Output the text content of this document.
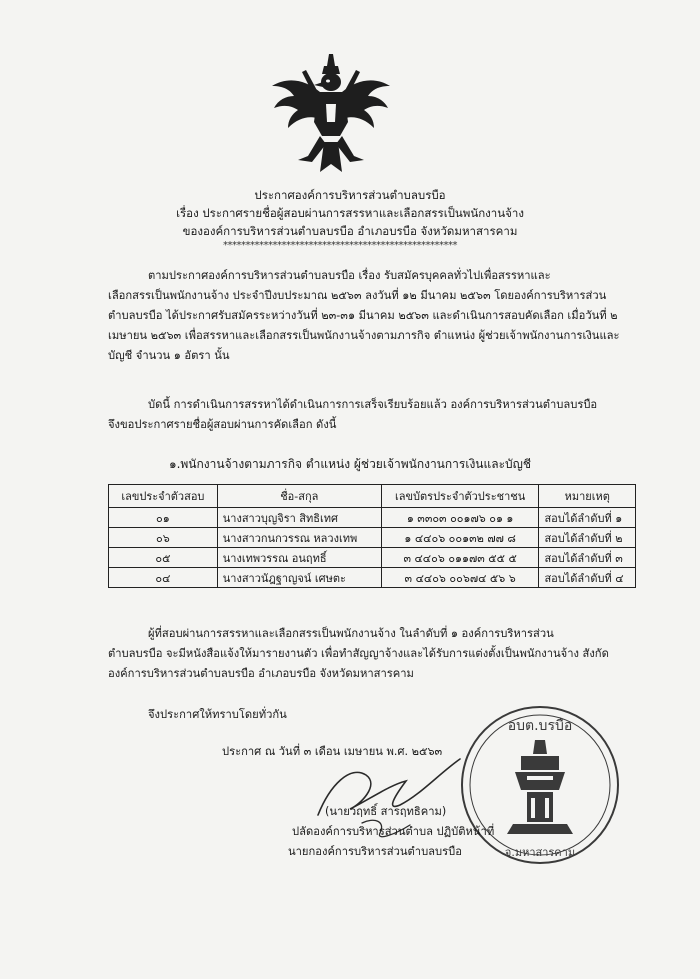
ประกาศองค์การบริหารส่วนตำบลบรบือ
เรื่อง ประกาศรายชื่อผู้สอบผ่านการสรรหาและเลือกสรรเป็นพนักงานจ้าง
ขององค์การบริหารส่วนตำบลบรบือ อำเภอบรบือ จังหวัดมหาสารคาม
****************************************************
ตามประกาศองค์การบริหารส่วนตำบลบรบือ เรื่อง รับสมัครบุคคลทั่วไปเพื่อสรรหาและ
เลือกสรรเป็นพนักงานจ้าง ประจำปีงบประมาณ ๒๕๖๓ ลงวันที่ ๑๒ มีนาคม ๒๕๖๓ โดยองค์การบริหารส่วน
ตำบลบรบือ ได้ประกาศรับสมัครระหว่างวันที่ ๒๓-๓๑ มีนาคม ๒๕๖๓ และดำเนินการสอบคัดเลือก เมื่อวันที่ ๒
เมษายน ๒๕๖๓ เพื่อสรรหาและเลือกสรรเป็นพนักงานจ้างตามภารกิจ ตำแหน่ง ผู้ช่วยเจ้าพนักงานการเงินและ
บัญชี จำนวน ๑ อัตรา นั้น
บัดนี้ การดำเนินการสรรหาได้ดำเนินการการเสร็จเรียบร้อยแล้ว องค์การบริหารส่วนตำบลบรบือ
จึงขอประกาศรายชื่อผู้สอบผ่านการคัดเลือก ดังนี้
๑.พนักงานจ้างตามภารกิจ ตำแหน่ง ผู้ช่วยเจ้าพนักงานการเงินและบัญชี
เลขประจำตัวสอบ	ชื่อ-สกุล	เลขบัตรประจำตัวประชาชน	หมายเหตุ
๐๑	นางสาวบุญจิรา สิทธิเทศ	๑ ๓๓๐๓ ๐๐๑๗๖ ๐๑ ๑	สอบได้ลำดับที่ ๑
๐๖	นางสาวกนกวรรณ หลวงเทพ	๑ ๔๔๐๖ ๐๐๑๓๒ ๗๗ ๘	สอบได้ลำดับที่ ๒
๐๕	นางเทพวรรณ อนฤทธิ์	๓ ๔๔๐๖ ๐๑๑๗๓ ๕๕ ๕	สอบได้ลำดับที่ ๓
๐๔	นางสาวนัฎฐาญจน์ เศษตะ	๓ ๔๔๐๖ ๐๐๖๗๔ ๕๖ ๖	สอบได้ลำดับที่ ๔
ผู้ที่สอบผ่านการสรรหาและเลือกสรรเป็นพนักงานจ้าง ในลำดับที่ ๑ องค์การบริหารส่วน
ตำบลบรบือ จะมีหนังสือแจ้งให้มารายงานตัว เพื่อทำสัญญาจ้างและได้รับการแต่งตั้งเป็นพนักงานจ้าง สังกัด
องค์การบริหารส่วนตำบลบรบือ อำเภอบรบือ จังหวัดมหาสารคาม
จึงประกาศให้ทราบโดยทั่วกัน
ประกาศ ณ วันที่ ๓ เดือน เมษายน พ.ศ. ๒๕๖๓
อบต.บรบือ
จ.มหาสารคาม
(นายวฤทธิ์ สารฤทธิคาม)
ปลัดองค์การบริหารส่วนตำบล ปฏิบัติหน้าที่
นายกองค์การบริหารส่วนตำบลบรบือ
